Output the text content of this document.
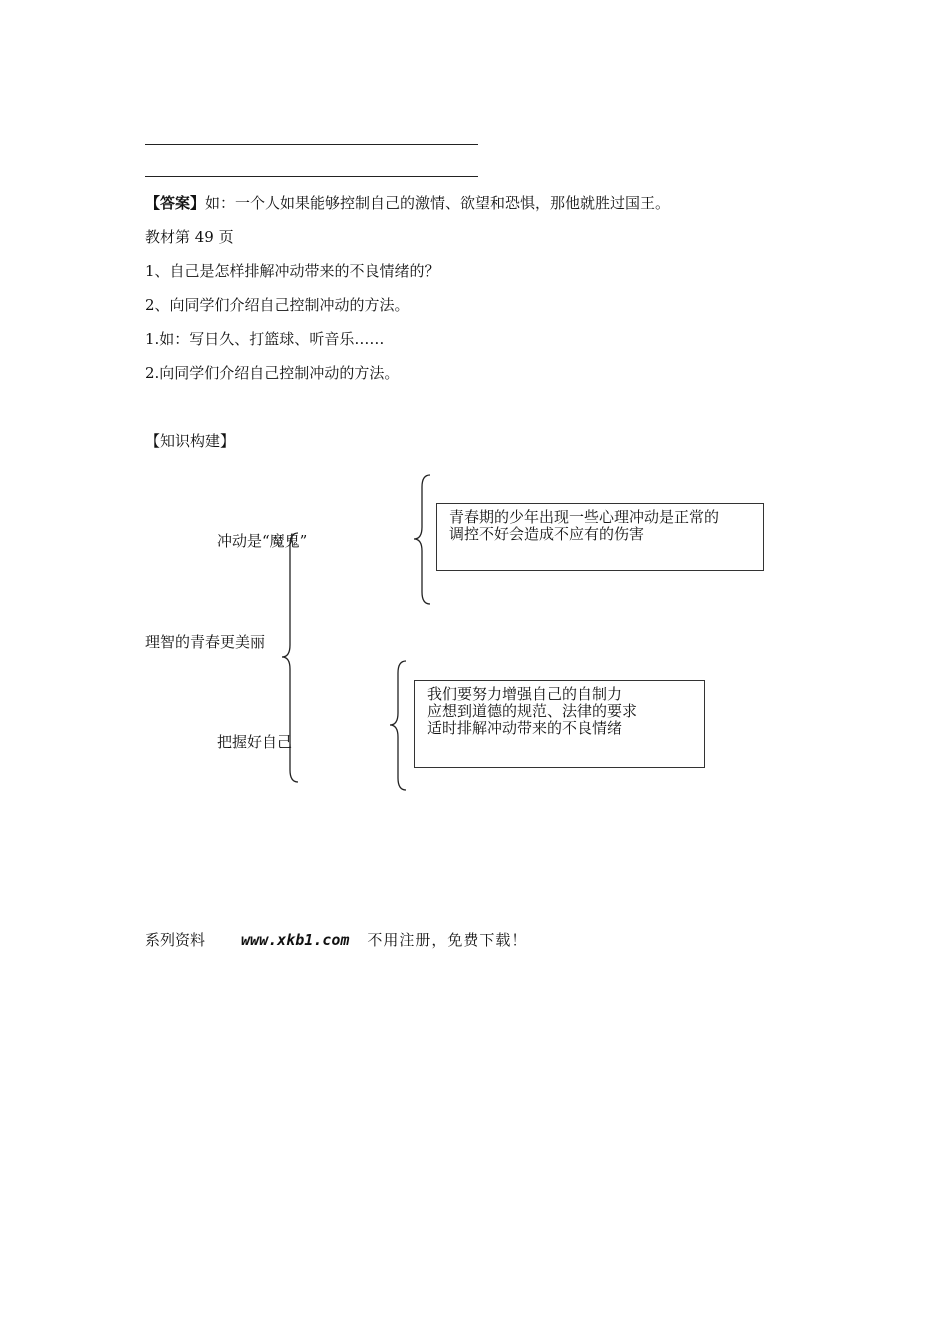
【答案】如：一个人如果能够控制自己的激情、欲望和恐惧，那他就胜过国王。
教材第 49 页
1、自己是怎样排解冲动带来的不良情绪的？
2、向同学们介绍自己控制冲动的方法。
1.如：写日久、打篮球、听音乐……
2.向同学们介绍自己控制冲动的方法。
【知识构建】
理智的青春更美丽
冲动是“魔鬼”
把握好自己
青春期的少年出现一些心理冲动是正常的
调控不好会造成不应有的伤害
我们要努力增强自己的自制力
应想到道德的规范、法律的要求
适时排解冲动带来的不良情绪
系列资料 www.xkb1.com 不用注册，免费下载！
